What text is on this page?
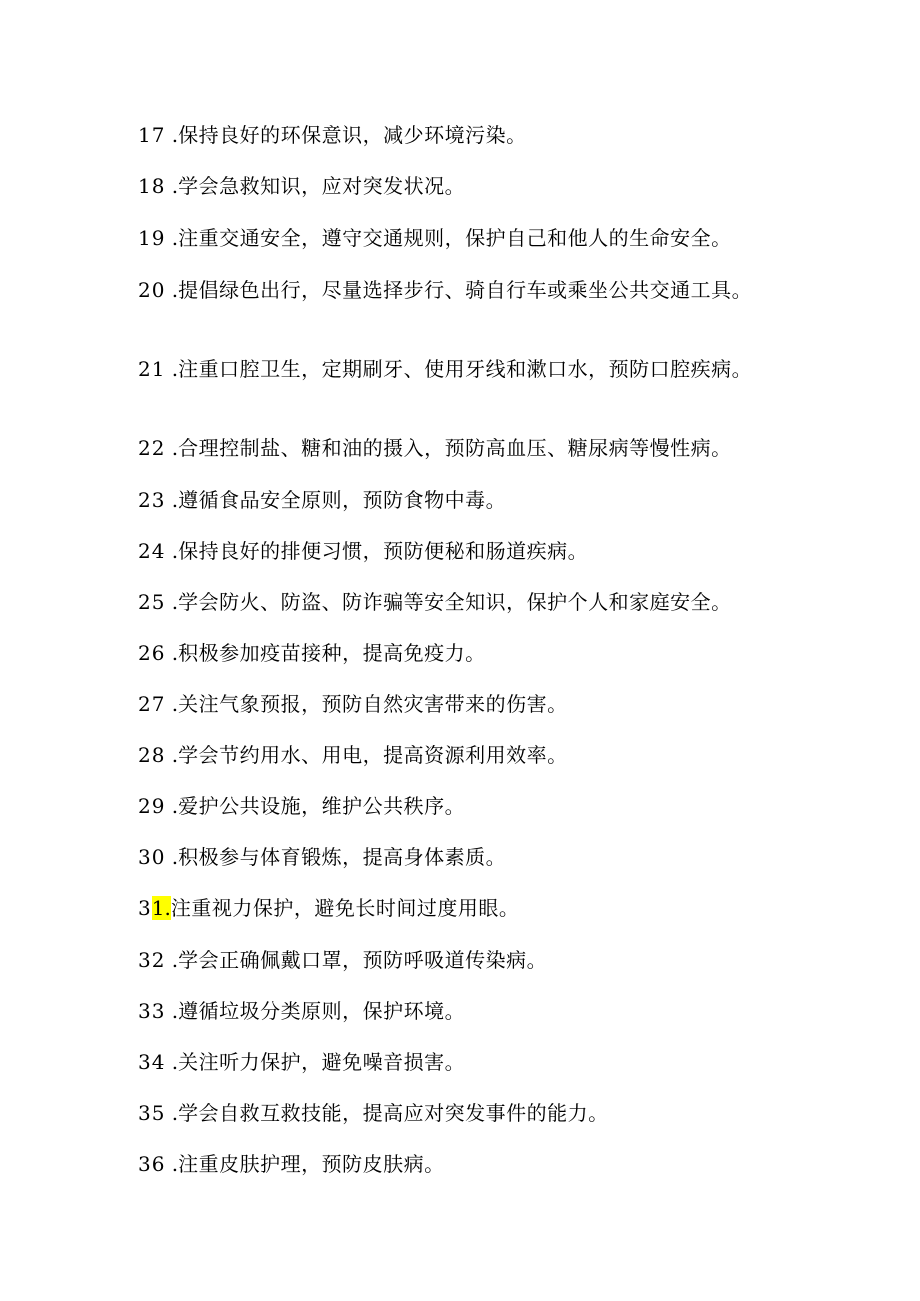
17 .保持良好的环保意识，减少环境污染。

18 .学会急救知识，应对突发状况。

19 .注重交通安全，遵守交通规则，保护自己和他人的生命安全。

20 .提倡绿色出行，尽量选择步行、骑自行车或乘坐公共交通工具。

21 .注重口腔卫生，定期刷牙、使用牙线和漱口水，预防口腔疾病。

22 .合理控制盐、糖和油的摄入，预防高血压、糖尿病等慢性病。

23 .遵循食品安全原则，预防食物中毒。

24 .保持良好的排便习惯，预防便秘和肠道疾病。

25 .学会防火、防盗、防诈骗等安全知识，保护个人和家庭安全。

26 .积极参加疫苗接种，提高免疫力。

27 .关注气象预报，预防自然灾害带来的伤害。

28 .学会节约用水、用电，提高资源利用效率。

29 .爱护公共设施，维护公共秩序。

30 .积极参与体育锻炼，提高身体素质。

31.注重视力保护，避免长时间过度用眼。

32 .学会正确佩戴口罩，预防呼吸道传染病。

33 .遵循垃圾分类原则，保护环境。

34 .关注听力保护，避免噪音损害。

35 .学会自救互救技能，提高应对突发事件的能力。

36 .注重皮肤护理，预防皮肤病。
